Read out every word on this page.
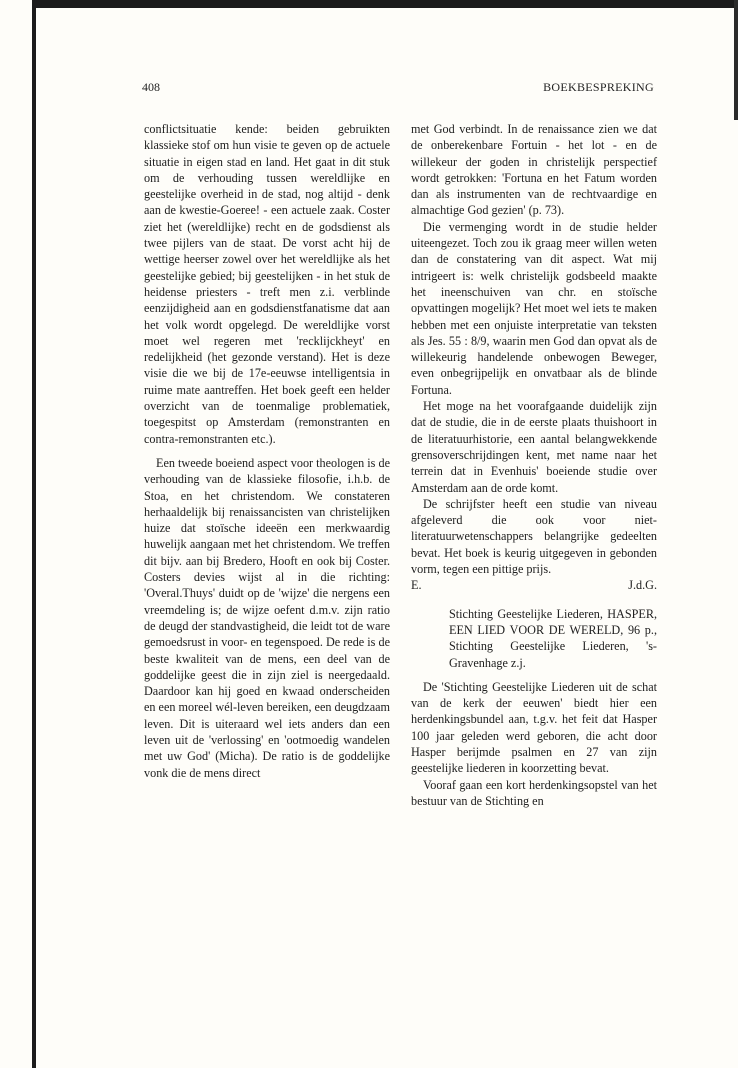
408	BOEKBESPREKING

conflictsituatie kende: beiden gebruikten klassieke stof om hun visie te geven op de actuele situatie in eigen stad en land. Het gaat in dit stuk om de verhouding tussen wereldlijke en geestelijke overheid in de stad, nog altijd - denk aan de kwestie-Goeree! - een actuele zaak. Coster ziet het (wereldlijke) recht en de godsdienst als twee pijlers van de staat. De vorst acht hij de wettige heerser zowel over het wereldlijke als het geestelijke gebied; bij geestelijken - in het stuk de heidense priesters - treft men z.i. verblinde eenzijdigheid aan en godsdienstfanatisme dat aan het volk wordt opgelegd. De wereldlijke vorst moet wel regeren met 'recklijckheyt' en redelijkheid (het gezonde verstand). Het is deze visie die we bij de 17e-eeuwse intelligentsia in ruime mate aantreffen. Het boek geeft een helder overzicht van de toenmalige problematiek, toegespitst op Amsterdam (remonstranten en contra-remonstranten etc.).

Een tweede boeiend aspect voor theologen is de verhouding van de klassieke filosofie, i.h.b. de Stoa, en het christendom. We constateren herhaaldelijk bij renaissancisten van christelijken huize dat stoïsche ideeën een merkwaardig huwelijk aangaan met het christendom. We treffen dit bijv. aan bij Bredero, Hooft en ook bij Coster. Costers devies wijst al in die richting: 'Overal.Thuys' duidt op de 'wijze' die nergens een vreemdeling is; de wijze oefent d.m.v. zijn ratio de deugd der standvastigheid, die leidt tot de ware gemoedsrust in voor- en tegenspoed. De rede is de beste kwaliteit van de mens, een deel van de goddelijke geest die in zijn ziel is neergedaald. Daardoor kan hij goed en kwaad onderscheiden en een moreel wél-leven bereiken, een deugdzaam leven. Dit is uiteraard wel iets anders dan een leven uit de 'verlossing' en 'ootmoedig wandelen met uw God' (Micha). De ratio is de goddelijke vonk die de mens direct

met God verbindt. In de renaissance zien we dat de onberekenbare Fortuin - het lot - en de willekeur der goden in christelijk perspectief wordt getrokken: 'Fortuna en het Fatum worden dan als instrumenten van de rechtvaardige en almachtige God gezien' (p. 73).

Die vermenging wordt in de studie helder uiteengezet. Toch zou ik graag meer willen weten dan de constatering van dit aspect. Wat mij intrigeert is: welk christelijk godsbeeld maakte het ineenschuiven van chr. en stoïsche opvattingen mogelijk? Het moet wel iets te maken hebben met een onjuiste interpretatie van teksten als Jes. 55 : 8/9, waarin men God dan opvat als de willekeurig handelende onbewogen Beweger, even onbegrijpelijk en onvatbaar als de blinde Fortuna.

Het moge na het voorafgaande duidelijk zijn dat de studie, die in de eerste plaats thuishoort in de literatuurhistorie, een aantal belangwekkende grensoverschrijdingen kent, met name naar het terrein dat in Evenhuis' boeiende studie over Amsterdam aan de orde komt.

De schrijfster heeft een studie van niveau afgeleverd die ook voor niet-literatuurwetenschappers belangrijke gedeelten bevat. Het boek is keurig uitgegeven in gebonden vorm, tegen een pittige prijs.

E.	J.d.G.

Stichting Geestelijke Liederen, HASPER, EEN LIED VOOR DE WERELD, 96 p., Stichting Geestelijke Liederen, 's-Gravenhage z.j.

De 'Stichting Geestelijke Liederen uit de schat van de kerk der eeuwen' biedt hier een herdenkingsbundel aan, t.g.v. het feit dat Hasper 100 jaar geleden werd geboren, die acht door Hasper berijmde psalmen en 27 van zijn geestelijke liederen in koorzetting bevat.

Vooraf gaan een kort herdenkingsopstel van het bestuur van de Stichting en
